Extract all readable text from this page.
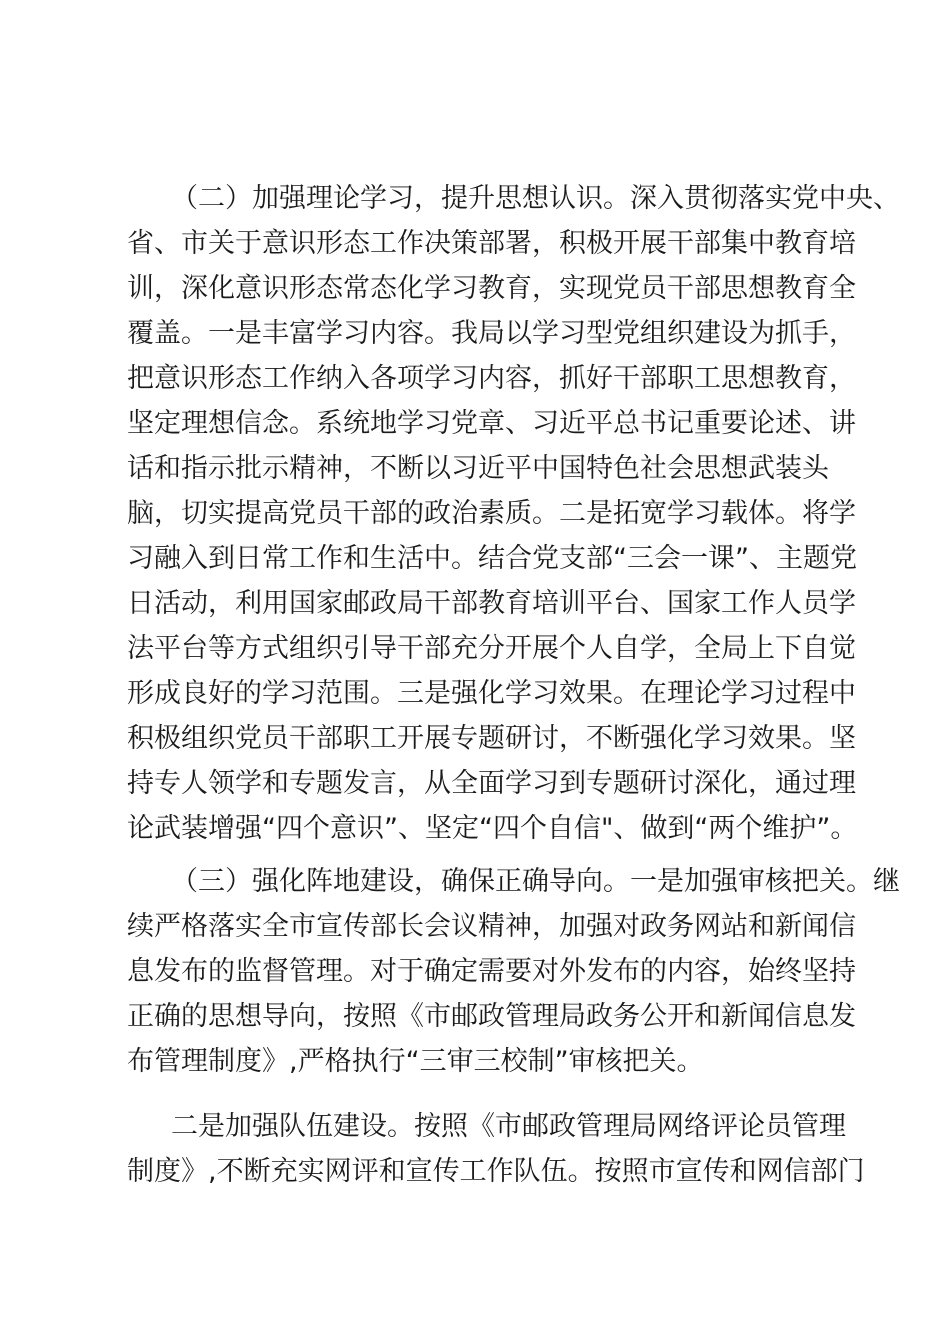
（二）加强理论学习，提升思想认识。深入贯彻落实党中央、
省、市关于意识形态工作决策部署，积极开展干部集中教育培
训，深化意识形态常态化学习教育，实现党员干部思想教育全
覆盖。一是丰富学习内容。我局以学习型党组织建设为抓手，
把意识形态工作纳入各项学习内容，抓好干部职工思想教育，
坚定理想信念。系统地学习党章、习近平总书记重要论述、讲
话和指示批示精神，不断以习近平中国特色社会思想武装头
脑，切实提高党员干部的政治素质。二是拓宽学习载体。将学
习融入到日常工作和生活中。结合党支部“三会一课”、主题党
日活动，利用国家邮政局干部教育培训平台、国家工作人员学
法平台等方式组织引导干部充分开展个人自学，全局上下自觉
形成良好的学习范围。三是强化学习效果。在理论学习过程中
积极组织党员干部职工开展专题研讨，不断强化学习效果。坚
持专人领学和专题发言，从全面学习到专题研讨深化，通过理
论武装增强“四个意识”、坚定“四个自信"、做到“两个维护”。
（三）强化阵地建设，确保正确导向。一是加强审核把关。继
续严格落实全市宣传部长会议精神，加强对政务网站和新闻信
息发布的监督管理。对于确定需要对外发布的内容，始终坚持
正确的思想导向，按照《市邮政管理局政务公开和新闻信息发
布管理制度》,严格执行“三审三校制”审核把关。
二是加强队伍建设。按照《市邮政管理局网络评论员管理
制度》,不断充实网评和宣传工作队伍。按照市宣传和网信部门
